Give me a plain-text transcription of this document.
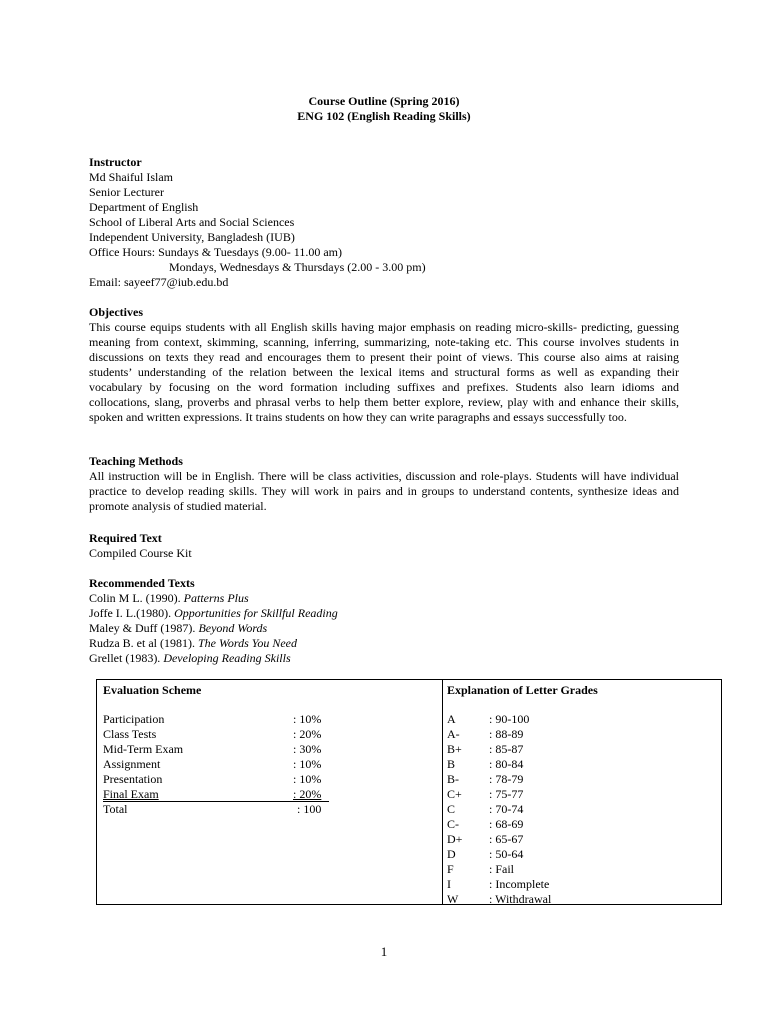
Course Outline (Spring 2016)
ENG 102 (English Reading Skills)
Instructor
Md Shaiful Islam
Senior Lecturer
Department of English
School of Liberal Arts and Social Sciences
Independent University, Bangladesh (IUB)
Office Hours: Sundays & Tuesdays (9.00- 11.00 am)
Mondays, Wednesdays & Thursdays (2.00 - 3.00 pm)
Email: sayeef77@iub.edu.bd
Objectives
This course equips students with all English skills having major emphasis on reading micro-skills- predicting, guessing meaning from context, skimming, scanning, inferring, summarizing, note-taking etc. This course involves students in discussions on texts they read and encourages them to present their point of views. This course also aims at raising students’ understanding of the relation between the lexical items and structural forms as well as expanding their vocabulary by focusing on the word formation including suffixes and prefixes. Students also learn idioms and collocations, slang, proverbs and phrasal verbs to help them better explore, review, play with and enhance their skills, spoken and written expressions. It trains students on how they can write paragraphs and essays successfully too.
Teaching Methods
All instruction will be in English. There will be class activities, discussion and role-plays. Students will have individual practice to develop reading skills. They will work in pairs and in groups to understand contents, synthesize ideas and promote analysis of studied material.
Required Text
Compiled Course Kit
Recommended Texts
Colin M L. (1990). Patterns Plus
Joffe I. L.(1980). Opportunities for Skillful Reading
Maley & Duff (1987). Beyond Words
Rudza B. et al (1981). The Words You Need
Grellet (1983). Developing Reading Skills
Evaluation Scheme
Participation	: 10%
Class Tests	: 20%
Mid-Term Exam	: 30%
Assignment	: 10%
Presentation	: 10%
Final Exam	: 20%
Total	: 100
Explanation of Letter Grades
A	: 90-100
A- : 88-89
B+ : 85-87
B	: 80-84
B-	: 78-79
C+ : 75-77
C	: 70-74
C-	: 68-69
D+ : 65-67
D	: 50-64
F	: Fail
I	: Incomplete
W	: Withdrawal
1
